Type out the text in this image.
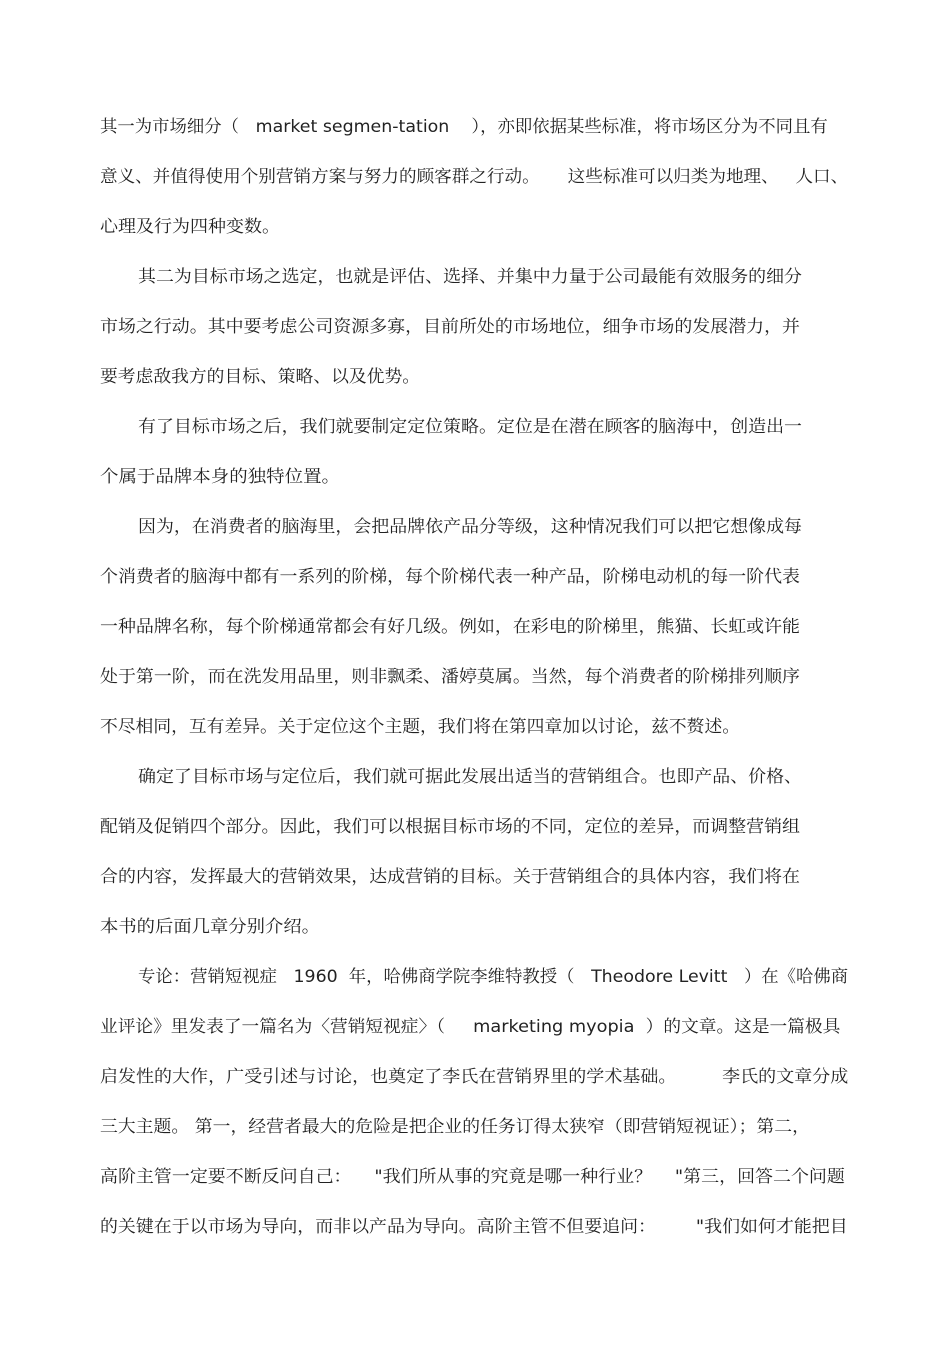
其一为市场细分（   market segmen-tation    ），亦即依据某些标准，将市场区分为不同且有
意义、并值得使用个别营销方案与努力的顾客群之行动。     这些标准可以归类为地理、   人口、
心理及行为四种变数。
其二为目标市场之选定，也就是评估、选择、并集中力量于公司最能有效服务的细分
市场之行动。其中要考虑公司资源多寡，目前所处的市场地位，细争市场的发展潜力，并
要考虑敌我方的目标、策略、以及优势。
有了目标市场之后，我们就要制定定位策略。定位是在潜在顾客的脑海中，创造出一
个属于品牌本身的独特位置。
因为，在消费者的脑海里，会把品牌依产品分等级，这种情况我们可以把它想像成每
个消费者的脑海中都有一系列的阶梯，每个阶梯代表一种产品，阶梯电动机的每一阶代表
一种品牌名称，每个阶梯通常都会有好几级。例如，在彩电的阶梯里，熊猫、长虹或许能
处于第一阶，而在洗发用品里，则非飘柔、潘婷莫属。当然，每个消费者的阶梯排列顺序
不尽相同，互有差异。关于定位这个主题，我们将在第四章加以讨论，兹不赘述。
确定了目标市场与定位后，我们就可据此发展出适当的营销组合。也即产品、价格、
配销及促销四个部分。因此，我们可以根据目标市场的不同，定位的差异，而调整营销组
合的内容，发挥最大的营销效果，达成营销的目标。关于营销组合的具体内容，我们将在
本书的后面几章分别介绍。
专论：营销短视症   1960  年，哈佛商学院李维特教授（   Theodore Levitt   ）在《哈佛商
业评论》里发表了一篇名为〈营销短视症〉（     marketing myopia  ）的文章。这是一篇极具
启发性的大作，广受引述与讨论，也奠定了李氏在营销界里的学术基础。        李氏的文章分成
三大主题。 第一，经营者最大的危险是把企业的任务订得太狭窄（即营销短视证）；第二，
高阶主管一定要不断反问自己：    "我们所从事的究竟是哪一种行业？    "第三，回答二个问题
的关键在于以市场为导向，而非以产品为导向。高阶主管不但要追问：       "我们如何才能把目
